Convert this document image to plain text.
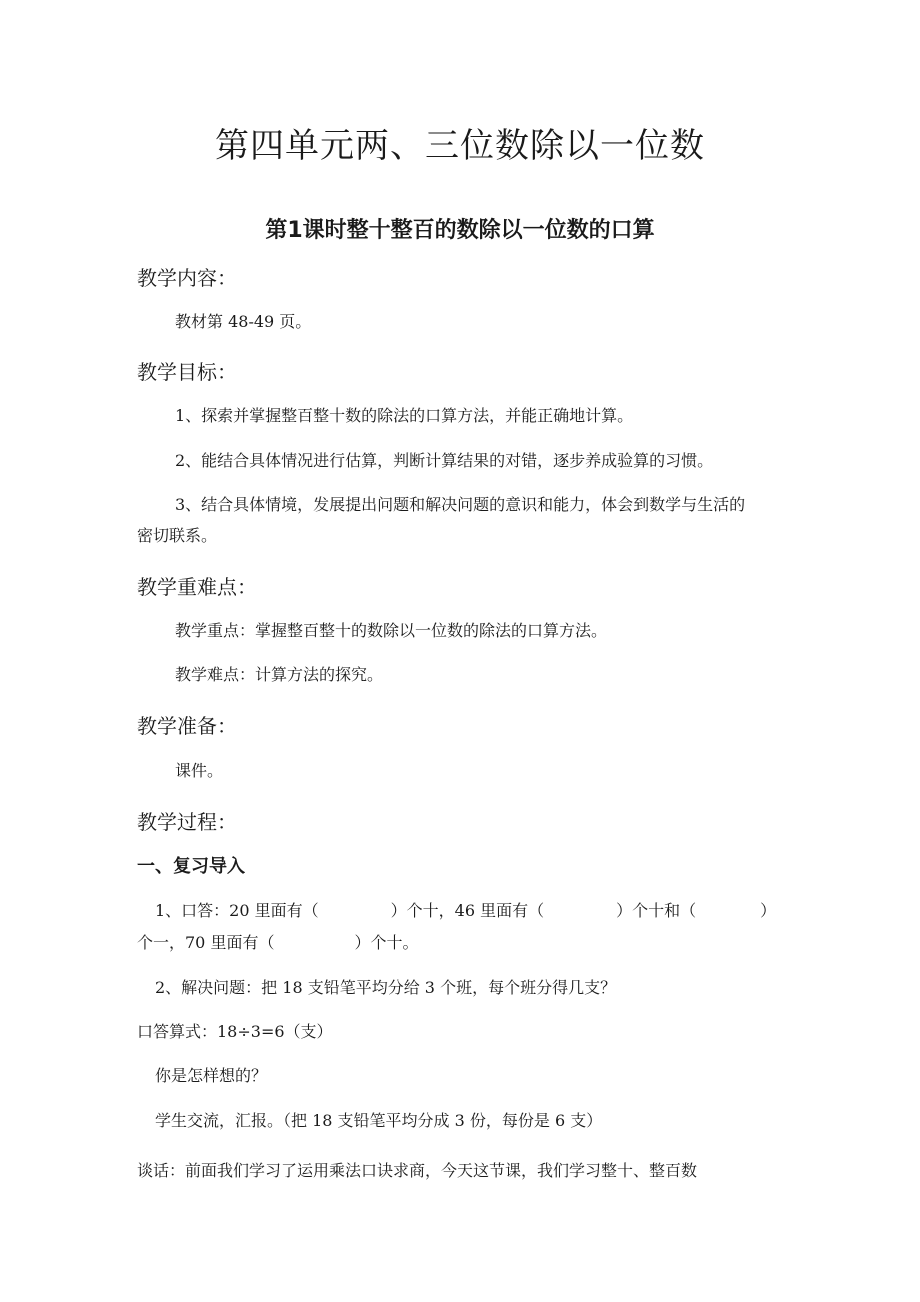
第四单元两、三位数除以一位数
第1课时整十整百的数除以一位数的口算
教学内容：
教材第 48-49 页。
教学目标：
1、探索并掌握整百整十数的除法的口算方法，并能正确地计算。
2、能结合具体情况进行估算，判断计算结果的对错，逐步养成验算的习惯。
3、结合具体情境，发展提出问题和解决问题的意识和能力，体会到数学与生活的
密切联系。
教学重难点：
教学重点：掌握整百整十的数除以一位数的除法的口算方法。
教学难点：计算方法的探究。
教学准备：
课件。
教学过程：
一、复习导入
1、口答：20 里面有（	）个十，46 里面有（	）个十和（	）
个一，70 里面有（	）个十。
2、解决问题：把 18 支铅笔平均分给 3 个班，每个班分得几支？
口答算式：18÷3=6（支）
你是怎样想的？
学生交流，汇报。（把 18 支铅笔平均分成 3 份，每份是 6 支）
谈话：前面我们学习了运用乘法口诀求商，今天这节课，我们学习整十、整百数
